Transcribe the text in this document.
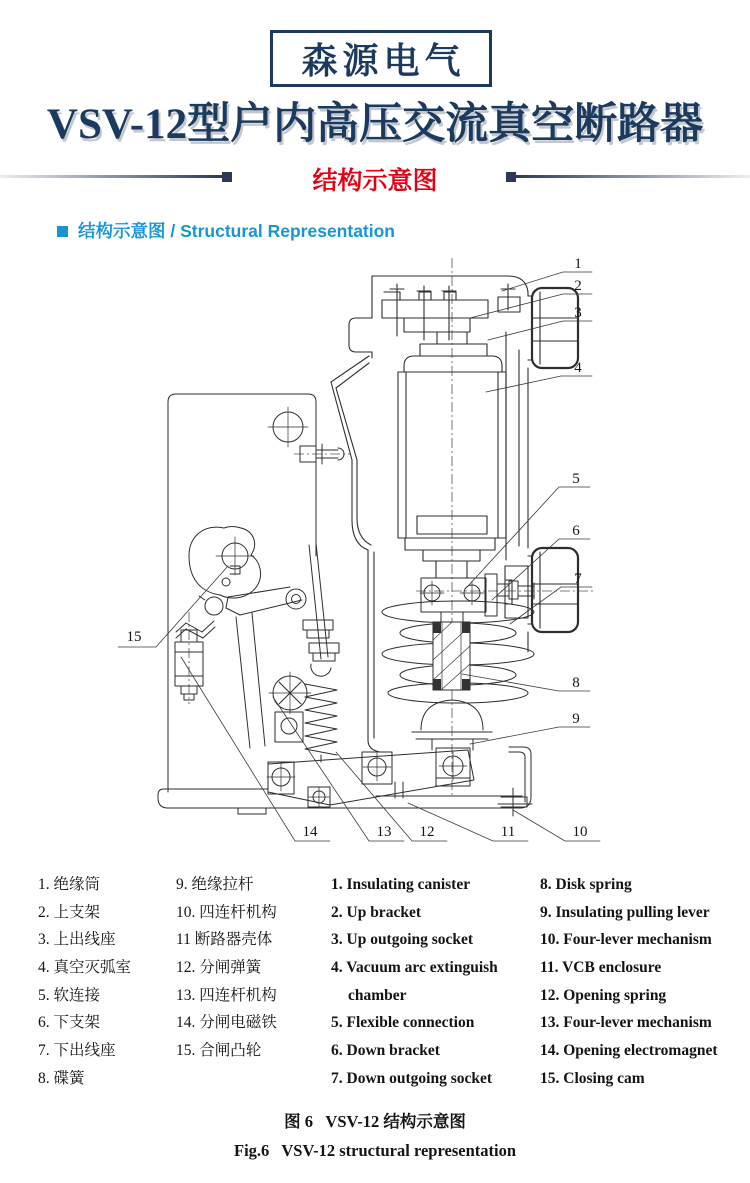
森源电气
VSV-12型户内高压交流真空断路器
结构示意图
结构示意图 / Structural Representation
1
2
3
4
5
6
7
8
9
10
11
12
13
14
15
1. 绝缘筒
2. 上支架
3. 上出线座
4. 真空灭弧室
5. 软连接
6. 下支架
7. 下出线座
8. 碟簧
9. 绝缘拉杆
10. 四连杆机构
11 断路器壳体
12. 分闸弹簧
13. 四连杆机构
14. 分闸电磁铁
15. 合闸凸轮
1. Insulating canister
2. Up bracket
3. Up outgoing socket
4. Vacuum arc extinguish
chamber
5. Flexible connection
6. Down bracket
7. Down outgoing socket
8. Disk spring
9. Insulating pulling lever
10. Four-lever mechanism
11. VCB enclosure
12. Opening spring
13. Four-lever mechanism
14. Opening electromagnet
15. Closing cam
图 6   VSV-12 结构示意图
Fig.6   VSV-12 structural representation
